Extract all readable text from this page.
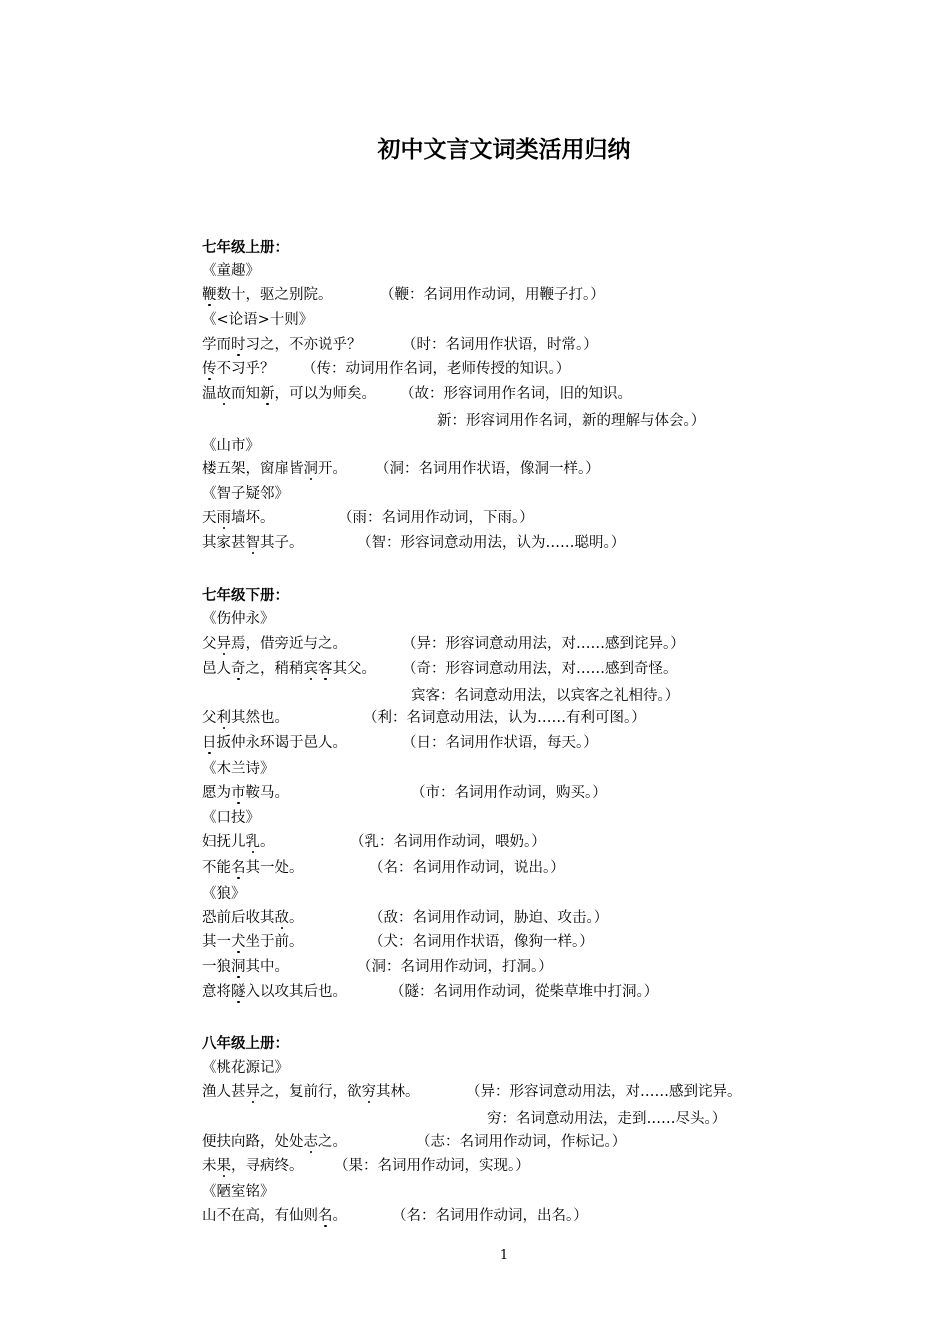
初中文言文词类活用归纳
七年级上册：
《童趣》
鞭数十，驱之别院。	（鞭：名词用作动词，用鞭子打。）
《<论语>十则》
学而时习之，不亦说乎？	（时：名词用作状语，时常。）
传不习乎？ （传：动词用作名词，老师传授的知识。）
温故而知新，可以为师矣。 （故：形容词用作名词，旧的知识。
新：形容词用作名词，新的理解与体会。）
《山市》
楼五架，窗扉皆洞开。 （洞：名词用作状语，像洞一样。）
《智子疑邻》
天雨墙坏。	（雨：名词用作动词，下雨。）
其家甚智其子。	（智：形容词意动用法，认为……聪明。）
七年级下册：
《伤仲永》
父异焉，借旁近与之。	（异：形容词意动用法，对……感到诧异。）
邑人奇之，稍稍宾客其父。 （奇：形容词意动用法，对……感到奇怪。
宾客：名词意动用法，以宾客之礼相待。）
父利其然也。	（利：名词意动用法，认为……有利可图。）
日扳仲永环谒于邑人。	（日：名词用作状语，每天。）
《木兰诗》
愿为市鞍马。	（市：名词用作动词，购买。）
《口技》
妇抚儿乳。	（乳：名词用作动词，喂奶。）
不能名其一处。	（名：名词用作动词，说出。）
《狼》
恐前后收其敌。	（敌：名词用作动词，胁迫、攻击。）
其一犬坐于前。	（犬：名词用作状语，像狗一样。）
一狼洞其中。	（洞：名词用作动词，打洞。）
意将隧入以攻其后也。	（隧：名词用作动词，從柴草堆中打洞。）
八年级上册：
《桃花源记》
渔人甚异之，复前行，欲穷其林。	（异：形容词意动用法，对……感到诧异。
穷：名词意动用法，走到……尽头。）
便扶向路，处处志之。	（志：名词用作动词，作标记。）
未果，寻病终。 （果：名词用作动词，实现。）
《陋室铭》
山不在高，有仙则名。	（名：名词用作动词，出名。）
1
